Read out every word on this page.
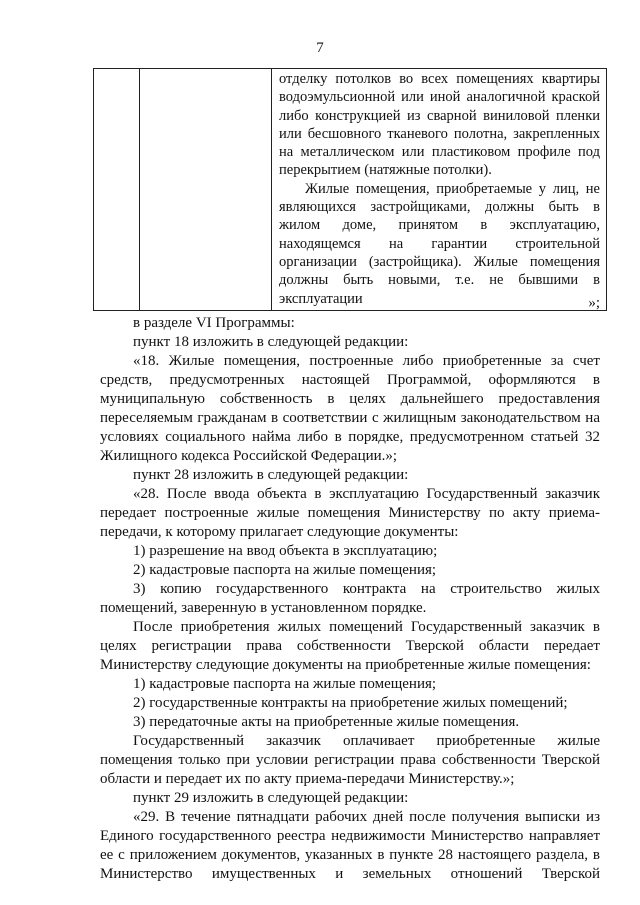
7

отделку потолков во всех помещениях квартиры водоэмульсионной или иной аналогичной краской либо конструкцией из сварной виниловой пленки или бесшовного тканевого полотна, закрепленных на металлическом или пластиковом профиле под перекрытием (натяжные потолки).

Жилые помещения, приобретаемые у лиц, не являющихся застройщиками, должны быть в жилом доме, принятом в эксплуатацию, находящемся на гарантии строительной организации (застройщика). Жилые помещения должны быть новыми, т.е. не бывшими в эксплуатации	»;

в разделе VI Программы:

пункт 18 изложить в следующей редакции:

«18. Жилые помещения, построенные либо приобретенные за счет средств, предусмотренных настоящей Программой, оформляются в муниципальную собственность в целях дальнейшего предоставления переселяемым гражданам в соответствии с жилищным законодательством на условиях социального найма либо в порядке, предусмотренном статьей 32 Жилищного кодекса Российской Федерации.»;

пункт 28 изложить в следующей редакции:

«28. После ввода объекта в эксплуатацию Государственный заказчик передает построенные жилые помещения Министерству по акту приема-передачи, к которому прилагает следующие документы:

1) разрешение на ввод объекта в эксплуатацию;

2) кадастровые паспорта на жилые помещения;

3) копию государственного контракта на строительство жилых помещений, заверенную в установленном порядке.

После приобретения жилых помещений Государственный заказчик в целях регистрации права собственности Тверской области передает Министерству следующие документы на приобретенные жилые помещения:

1) кадастровые паспорта на жилые помещения;

2) государственные контракты на приобретение жилых помещений;

3) передаточные акты на приобретенные жилые помещения.

Государственный заказчик оплачивает приобретенные жилые помещения только при условии регистрации права собственности Тверской области и передает их по акту приема-передачи Министерству.»;

пункт 29 изложить в следующей редакции:

«29. В течение пятнадцати рабочих дней после получения выписки из Единого государственного реестра недвижимости Министерство направляет ее с приложением документов, указанных в пункте 28 настоящего раздела, в Министерство имущественных и земельных отношений Тверской
